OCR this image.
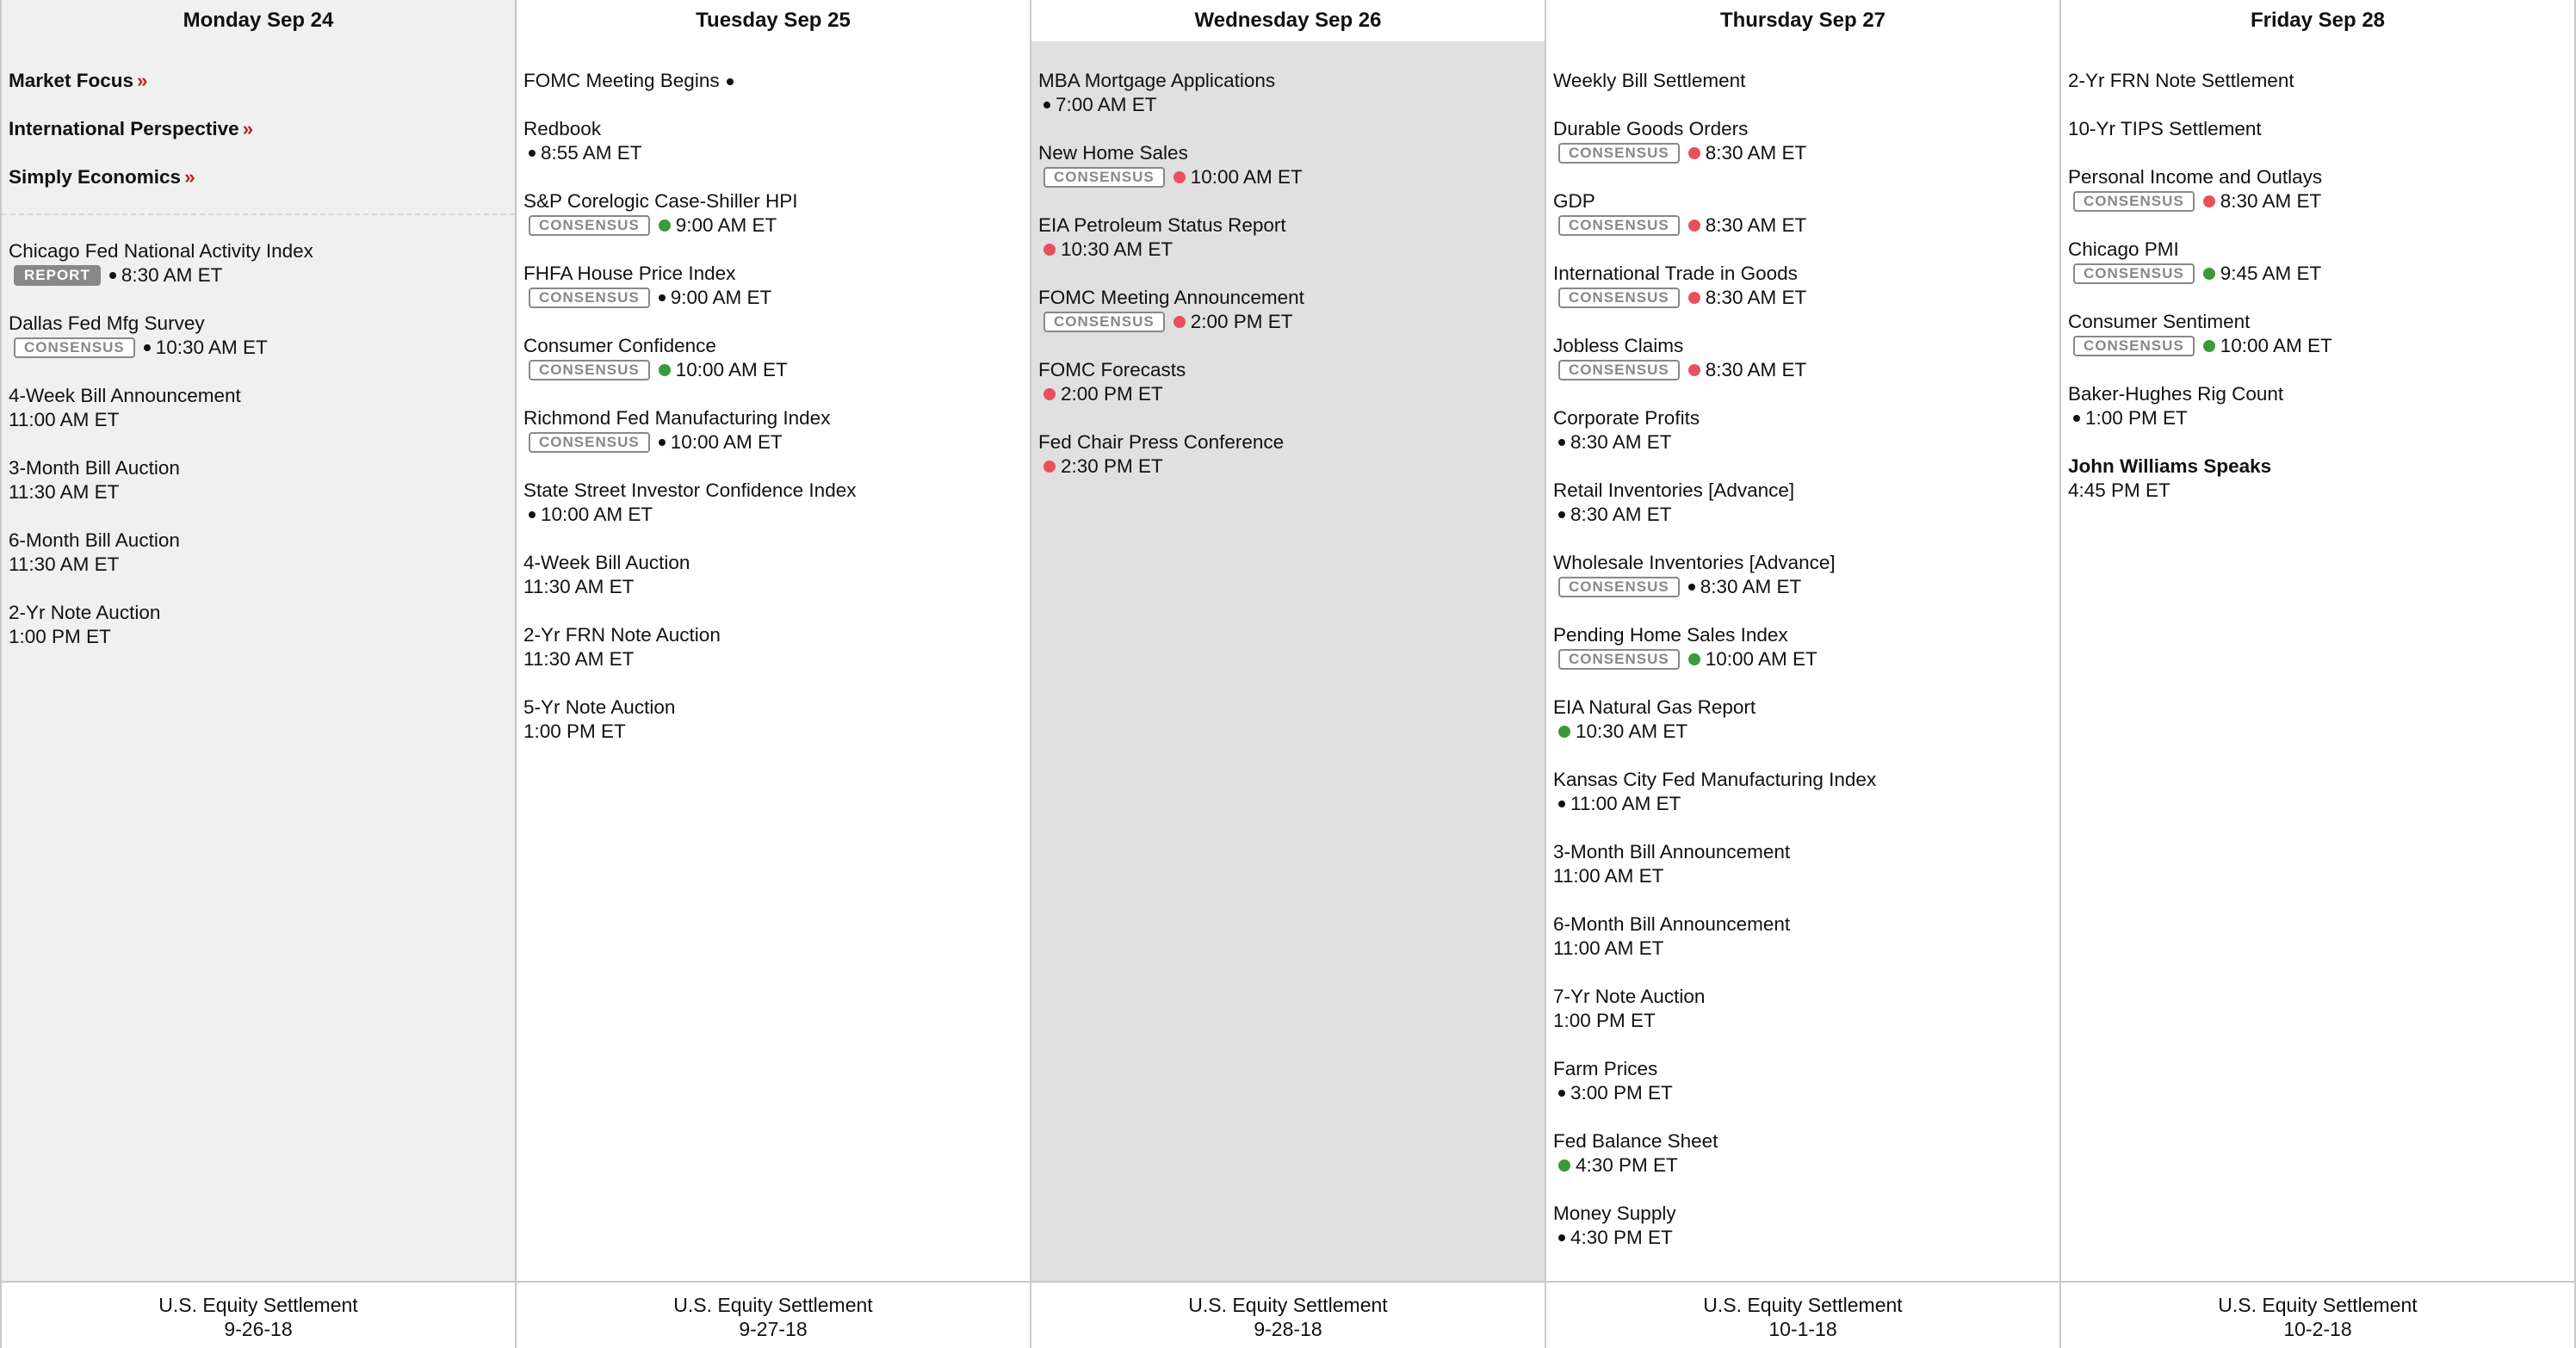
Monday Sep 24
Market Focus »
International Perspective »
Simply Economics »
Chicago Fed National Activity Index
REPORT	8:30 AM ET
Dallas Fed Mfg Survey
CONSENSUS	10:30 AM ET
4-Week Bill Announcement
11:00 AM ET
3-Month Bill Auction
11:30 AM ET
6-Month Bill Auction
11:30 AM ET
2-Yr Note Auction
1:00 PM ET
U.S. Equity Settlement
9-26-18
Tuesday Sep 25
FOMC Meeting Begins
Redbook
8:55 AM ET
S&P Corelogic Case-Shiller HPI
CONSENSUS	9:00 AM ET
FHFA House Price Index
CONSENSUS	9:00 AM ET
Consumer Confidence
CONSENSUS	10:00 AM ET
Richmond Fed Manufacturing Index
CONSENSUS	10:00 AM ET
State Street Investor Confidence Index
10:00 AM ET
4-Week Bill Auction
11:30 AM ET
2-Yr FRN Note Auction
11:30 AM ET
5-Yr Note Auction
1:00 PM ET
U.S. Equity Settlement
9-27-18
Wednesday Sep 26
MBA Mortgage Applications
7:00 AM ET
New Home Sales
CONSENSUS	10:00 AM ET
EIA Petroleum Status Report
10:30 AM ET
FOMC Meeting Announcement
CONSENSUS	2:00 PM ET
FOMC Forecasts
2:00 PM ET
Fed Chair Press Conference
2:30 PM ET
U.S. Equity Settlement
9-28-18
Thursday Sep 27
Weekly Bill Settlement
Durable Goods Orders
CONSENSUS	8:30 AM ET
GDP
CONSENSUS	8:30 AM ET
International Trade in Goods
CONSENSUS	8:30 AM ET
Jobless Claims
CONSENSUS	8:30 AM ET
Corporate Profits
8:30 AM ET
Retail Inventories [Advance]
8:30 AM ET
Wholesale Inventories [Advance]
CONSENSUS	8:30 AM ET
Pending Home Sales Index
CONSENSUS	10:00 AM ET
EIA Natural Gas Report
10:30 AM ET
Kansas City Fed Manufacturing Index
11:00 AM ET
3-Month Bill Announcement
11:00 AM ET
6-Month Bill Announcement
11:00 AM ET
7-Yr Note Auction
1:00 PM ET
Farm Prices
3:00 PM ET
Fed Balance Sheet
4:30 PM ET
Money Supply
4:30 PM ET
U.S. Equity Settlement
10-1-18
Friday Sep 28
2-Yr FRN Note Settlement
10-Yr TIPS Settlement
Personal Income and Outlays
CONSENSUS	8:30 AM ET
Chicago PMI
CONSENSUS	9:45 AM ET
Consumer Sentiment
CONSENSUS	10:00 AM ET
Baker-Hughes Rig Count
1:00 PM ET
John Williams Speaks
4:45 PM ET
U.S. Equity Settlement
10-2-18
